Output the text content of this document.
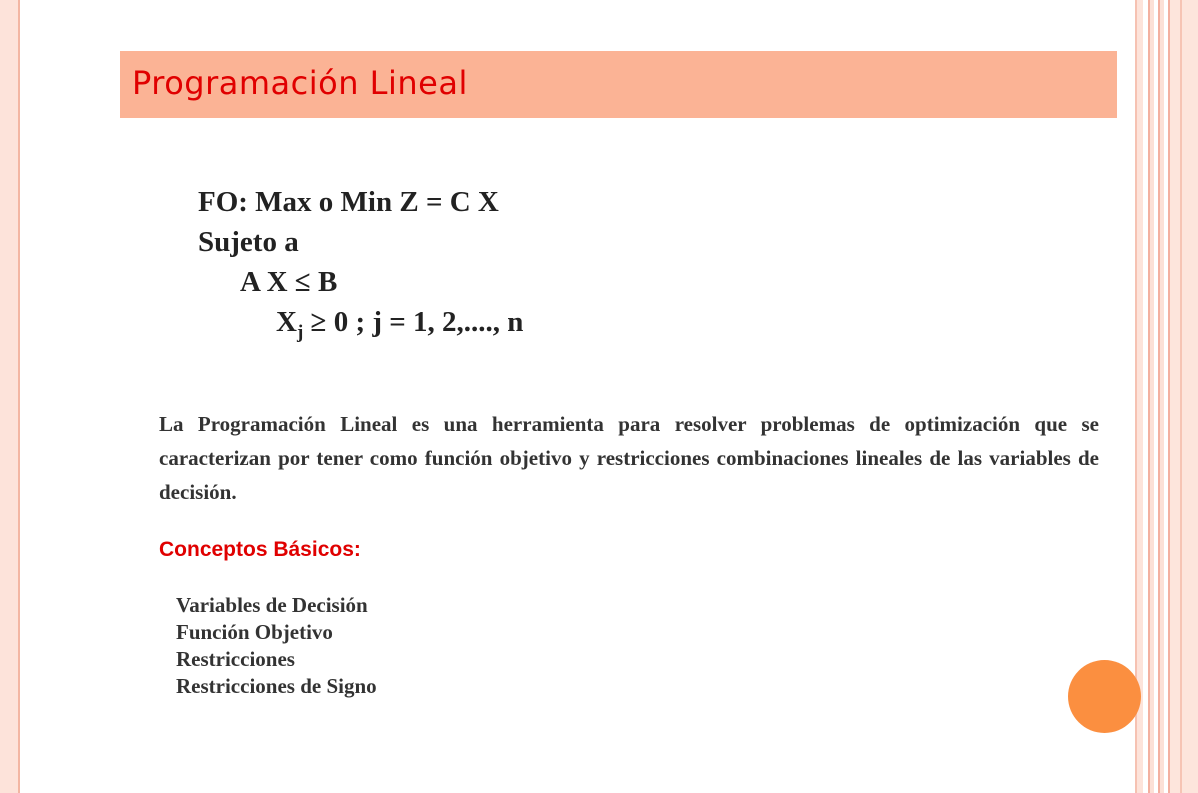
Programación Lineal
FO: Max o Min Z = C X
Sujeto a
A X ≤ B
$X_j \ge 0$ ; j = 1, 2,...., n
La Programación Lineal es una herramienta para resolver problemas de optimización que se caracterizan por tener como función objetivo y restricciones combinaciones lineales de las variables de decisión.
Conceptos Básicos:
Variables de Decisión
Función Objetivo
Restricciones
Restricciones de Signo
